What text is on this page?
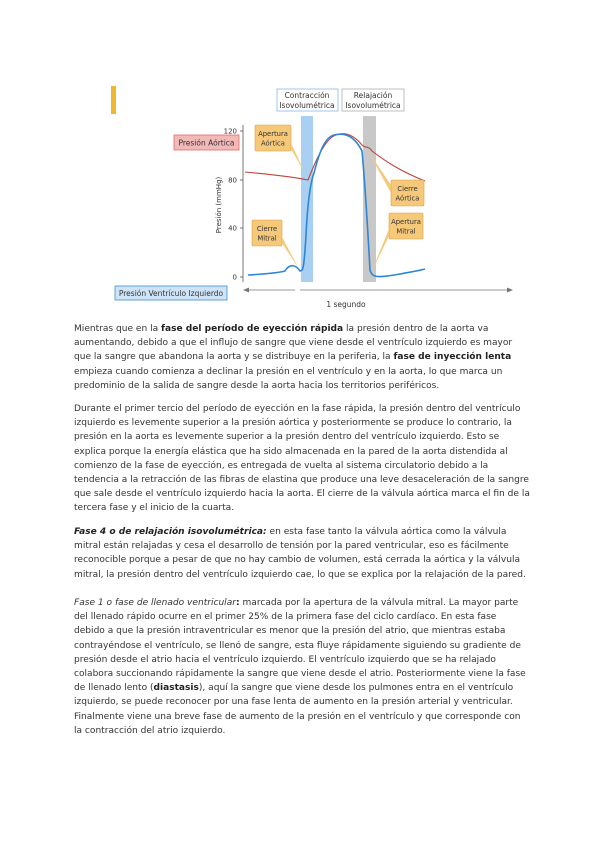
Contracción
Isovolumétrica
Relajación
Isovolumétrica
120
80
40
0
Presión (mmHg)
1 segundo
Presión Aórtica
Presión Ventrículo Izquierdo
Apertura
Aórtica
Cierre
Mitral
Cierre
Aórtica
Apertura
Mitral
Mientras que en la fase del período de eyección rápida la presión dentro de la aorta va aumentando, debido a que el influjo de sangre que viene desde el ventrículo izquierdo es mayor que la sangre que abandona la aorta y se distribuye en la periferia, la fase de inyección lenta empieza cuando comienza a declinar la presión en el ventrículo y en la aorta, lo que marca un predominio de la salida de sangre desde la aorta hacia los territorios periféricos.
Durante el primer tercio del período de eyección en la fase rápida, la presión dentro del ventrículo izquierdo es levemente superior a la presión aórtica y posteriormente se produce lo contrario, la presión en la aorta es levemente superior a la presión dentro del ventrículo izquierdo. Esto se explica porque la energía elástica que ha sido almacenada en la pared de la aorta distendida al comienzo de la fase de eyección, es entregada de vuelta al sistema circulatorio debido a la tendencia a la retracción de las fibras de elastina que produce una leve desaceleración de la sangre que sale desde el ventrículo izquierdo hacia la aorta. El cierre de la válvula aórtica marca el fin de la tercera fase y el inicio de la cuarta.
Fase 4 o de relajación isovolumétrica: en esta fase tanto la válvula aórtica como la válvula mitral están relajadas y cesa el desarrollo de tensión por la pared ventricular, eso es fácilmente reconocible porque a pesar de que no hay cambio de volumen, está cerrada la aórtica y la válvula mitral, la presión dentro del ventrículo izquierdo cae, lo que se explica por la relajación de la pared.
Fase 1 o fase de llenado ventricular: marcada por la apertura de la válvula mitral. La mayor parte del llenado rápido ocurre en el primer 25% de la primera fase del ciclo cardíaco. En esta fase debido a que la presión intraventricular es menor que la presión del atrio, que mientras estaba contrayéndose el ventrículo, se llenó de sangre, esta fluye rápidamente siguiendo su gradiente de presión desde el atrio hacia el ventrículo izquierdo. El ventrículo izquierdo que se ha relajado colabora succionando rápidamente la sangre que viene desde el atrio. Posteriormente viene la fase de llenado lento (diastasis), aquí la sangre que viene desde los pulmones entra en el ventrículo izquierdo, se puede reconocer por una fase lenta de aumento en la presión arterial y ventricular. Finalmente viene una breve fase de aumento de la presión en el ventrículo y que corresponde con la contracción del atrio izquierdo.
